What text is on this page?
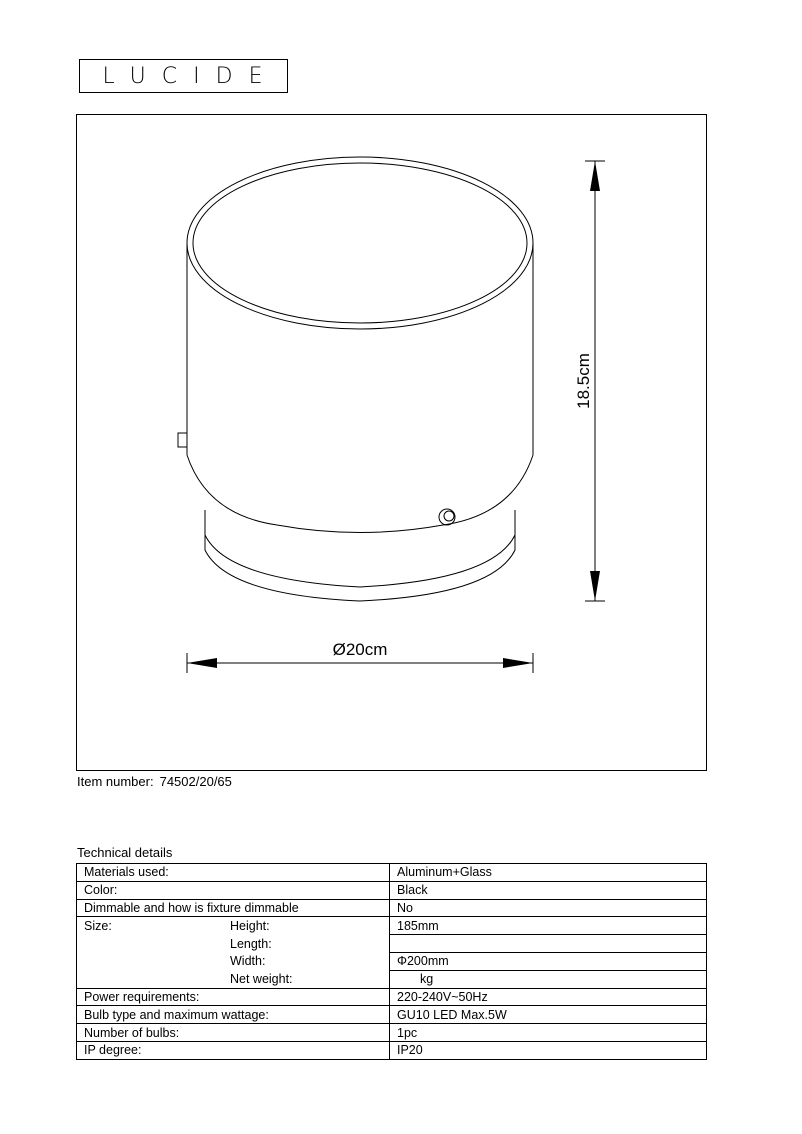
LUCIDE
18.5cm
Ø20cm
Item number: 74502/20/65
Technical details
Materials used:	Aluminum+Glass
Color:	Black
Dimmable and how is fixture dimmable	No
Size: Height:	185mm
Length:	
Width:	Φ200mm
Net weight:	kg
Power requirements:	220-240V~50Hz
Bulb type and maximum wattage:	GU10 LED Max.5W
Number of bulbs:	1pc
IP degree:	IP20
